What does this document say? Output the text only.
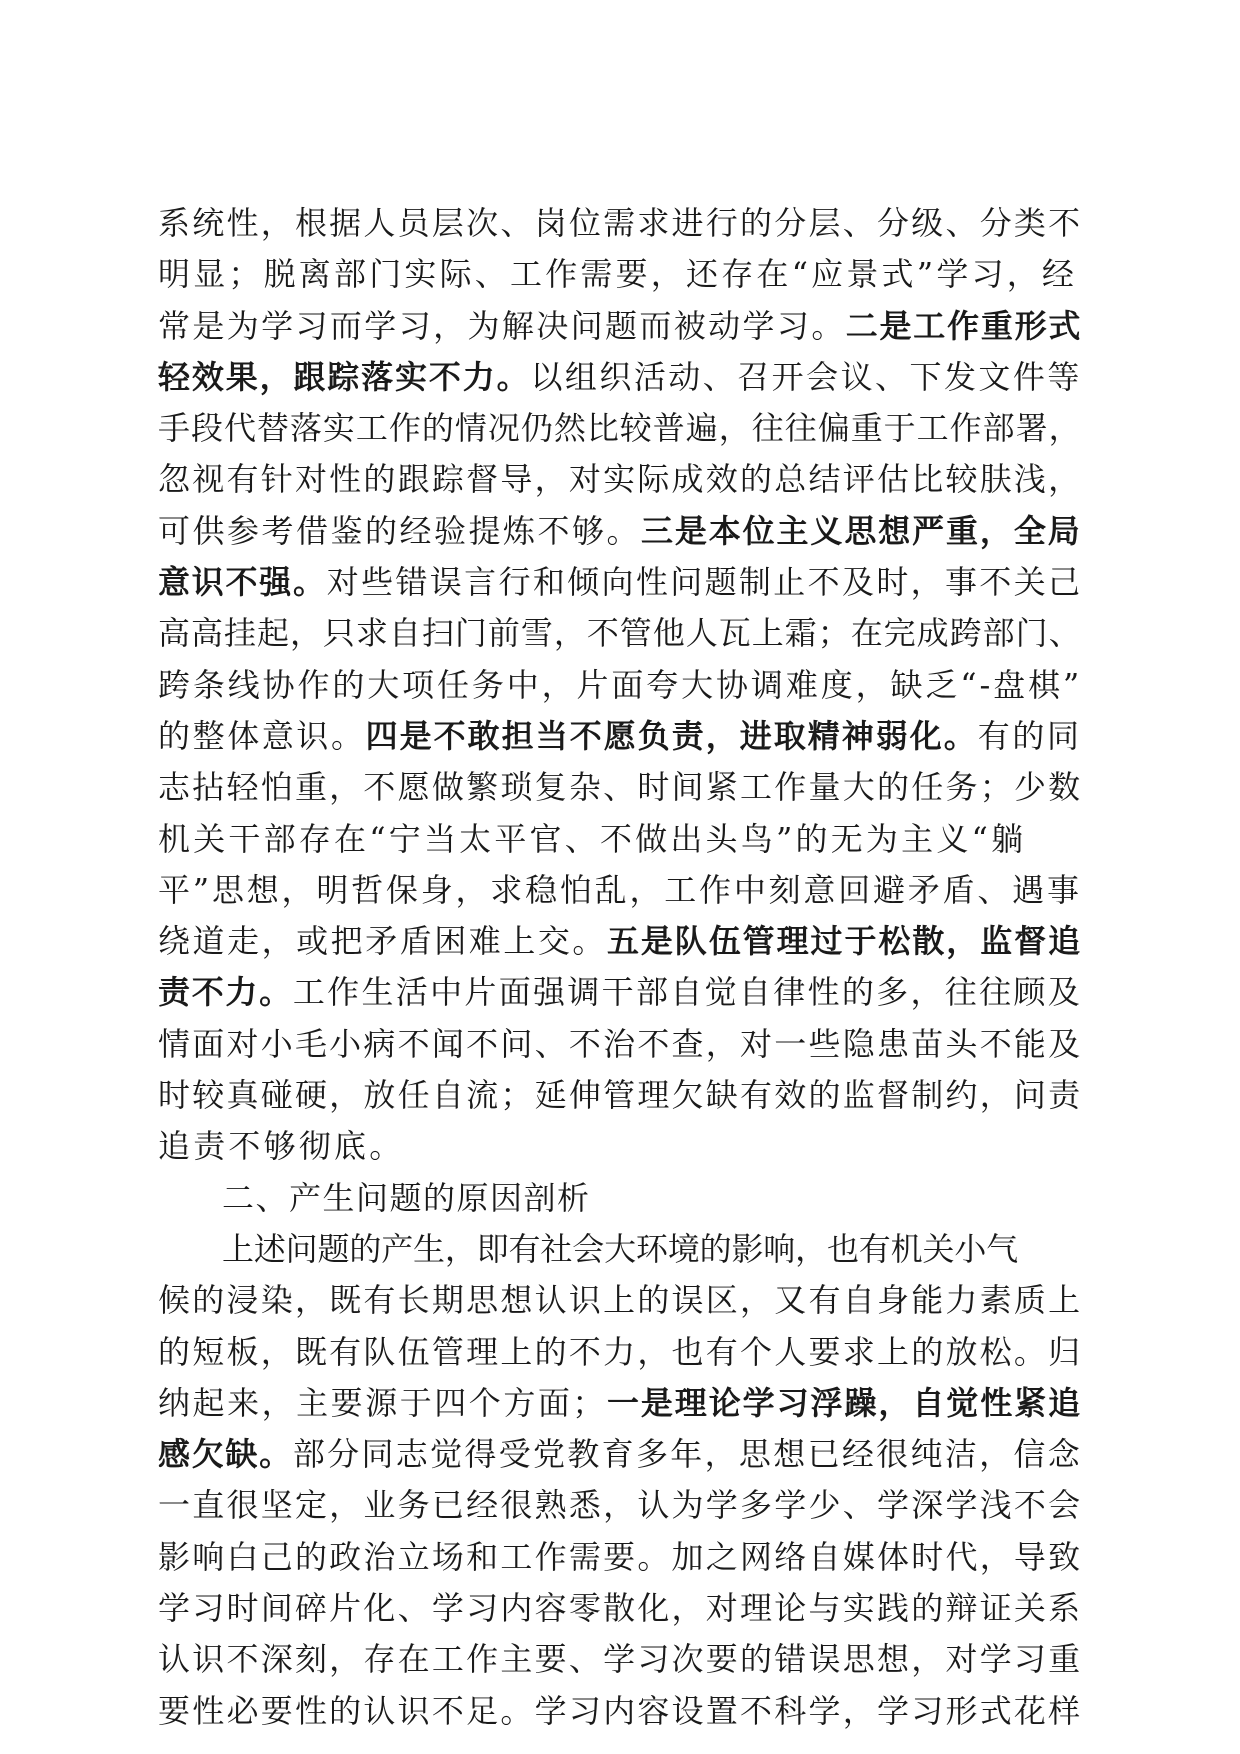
系统性，根据人员层次、岗位需求进行的分层、分级、分类不
明显；脱离部门实际、工作需要，还存在“应景式”学习，经
常是为学习而学习，为解决问题而被动学习。二是工作重形式
轻效果，跟踪落实不力。以组织活动、召开会议、下发文件等
手段代替落实工作的情况仍然比较普遍，往往偏重于工作部署，
忽视有针对性的跟踪督导，对实际成效的总结评估比较肤浅，
可供参考借鉴的经验提炼不够。三是本位主义思想严重，全局
意识不强。对些错误言行和倾向性问题制止不及时，事不关己
高高挂起，只求自扫门前雪，不管他人瓦上霜；在完成跨部门、
跨条线协作的大项任务中，片面夸大协调难度，缺乏“-盘棋”
的整体意识。四是不敢担当不愿负责，进取精神弱化。有的同
志拈轻怕重，不愿做繁琐复杂、时间紧工作量大的任务；少数
机关干部存在“宁当太平官、不做出头鸟”的无为主义“躺
平”思想，明哲保身，求稳怕乱，工作中刻意回避矛盾、遇事
绕道走，或把矛盾困难上交。五是队伍管理过于松散，监督追
责不力。工作生活中片面强调干部自觉自律性的多，往往顾及
情面对小毛小病不闻不问、不治不查，对一些隐患苗头不能及
时较真碰硬，放任自流；延伸管理欠缺有效的监督制约，问责
追责不够彻底。
二、产生问题的原因剖析
上述问题的产生，即有社会大环境的影响，也有机关小气
候的浸染，既有长期思想认识上的误区，又有自身能力素质上
的短板，既有队伍管理上的不力，也有个人要求上的放松。归
纳起来，主要源于四个方面；一是理论学习浮躁，自觉性紧追
感欠缺。部分同志觉得受党教育多年，思想已经很纯洁，信念
一直很坚定，业务已经很熟悉，认为学多学少、学深学浅不会
影响白己的政治立场和工作需要。加之网络自媒体时代，导致
学习时间碎片化、学习内容零散化，对理论与实践的辩证关系
认识不深刻，存在工作主要、学习次要的错误思想，对学习重
要性必要性的认识不足。学习内容设置不科学，学习形式花样
